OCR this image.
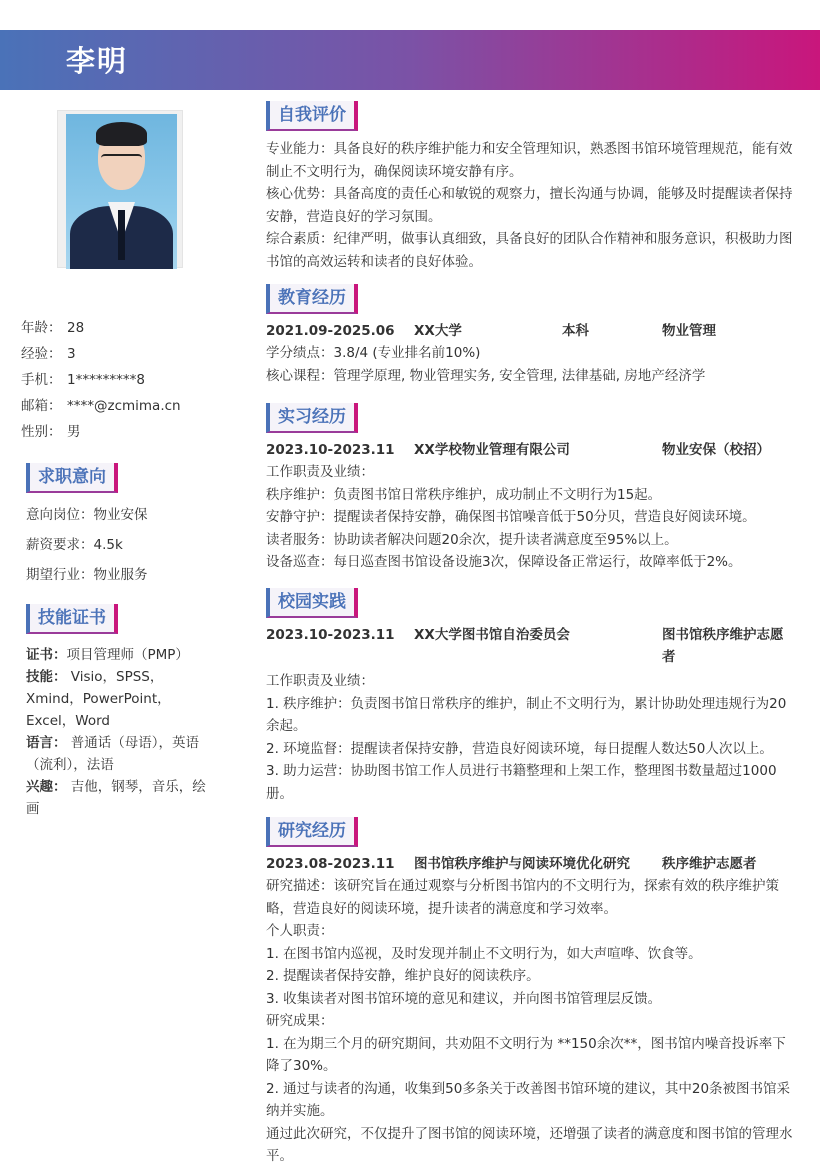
李明
年龄： 28
经验： 3
手机： 1*********8
邮箱： ****@zcmima.cn
性别： 男
求职意向
意向岗位：物业安保
薪资要求：4.5k
期望行业：物业服务
技能证书

证书：项目管理师（PMP）

技能： Visio，SPSS，Xmind，PowerPoint，Excel，Word

语言： 普通话（母语），英语（流利），法语

兴趣： 吉他，钢琴，音乐，绘画

自我评价

专业能力：具备良好的秩序维护能力和安全管理知识，熟悉图书馆环境管理规范，能有效制止不文明行为，确保阅读环境安静有序。

核心优势：具备高度的责任心和敏锐的观察力，擅长沟通与协调，能够及时提醒读者保持安静，营造良好的学习氛围。

综合素质：纪律严明，做事认真细致，具备良好的团队合作精神和服务意识，积极助力图书馆的高效运转和读者的良好体验。

教育经历
2021.09-2025.06	XX大学	本科	物业管理
学分绩点：3.8/4 (专业排名前10%)
核心课程：管理学原理, 物业管理实务, 安全管理, 法律基础, 房地产经济学
实习经历
2023.10-2023.11	XX学校物业管理有限公司	物业安保（校招）
工作职责及业绩：
秩序维护：负责图书馆日常秩序维护，成功制止不文明行为15起。
安静守护：提醒读者保持安静，确保图书馆噪音低于50分贝，营造良好阅读环境。
读者服务：协助读者解决问题20余次，提升读者满意度至95%以上。
设备巡查：每日巡查图书馆设备设施3次，保障设备正常运行，故障率低于2%。
校园实践
2023.10-2023.11	XX大学图书馆自治委员会	图书馆秩序维护志愿者
工作职责及业绩：
1. 秩序维护：负责图书馆日常秩序的维护，制止不文明行为，累计协助处理违规行为20余起。
2. 环境监督：提醒读者保持安静，营造良好阅读环境，每日提醒人数达50人次以上。
3. 助力运营：协助图书馆工作人员进行书籍整理和上架工作，整理图书数量超过1000册。
研究经历
2023.08-2023.11	图书馆秩序维护与阅读环境优化研究	秩序维护志愿者
研究描述：该研究旨在通过观察与分析图书馆内的不文明行为，探索有效的秩序维护策略，营造良好的阅读环境，提升读者的满意度和学习效率。
个人职责：
1. 在图书馆内巡视，及时发现并制止不文明行为，如大声喧哗、饮食等。
2. 提醒读者保持安静，维护良好的阅读秩序。
3. 收集读者对图书馆环境的意见和建议，并向图书馆管理层反馈。
研究成果：
1. 在为期三个月的研究期间，共劝阻不文明行为 **150余次**，图书馆内噪音投诉率下降了30%。
2. 通过与读者的沟通，收集到50多条关于改善图书馆环境的建议，其中20条被图书馆采纳并实施。
通过此次研究，不仅提升了图书馆的阅读环境，还增强了读者的满意度和图书馆的管理水平。
